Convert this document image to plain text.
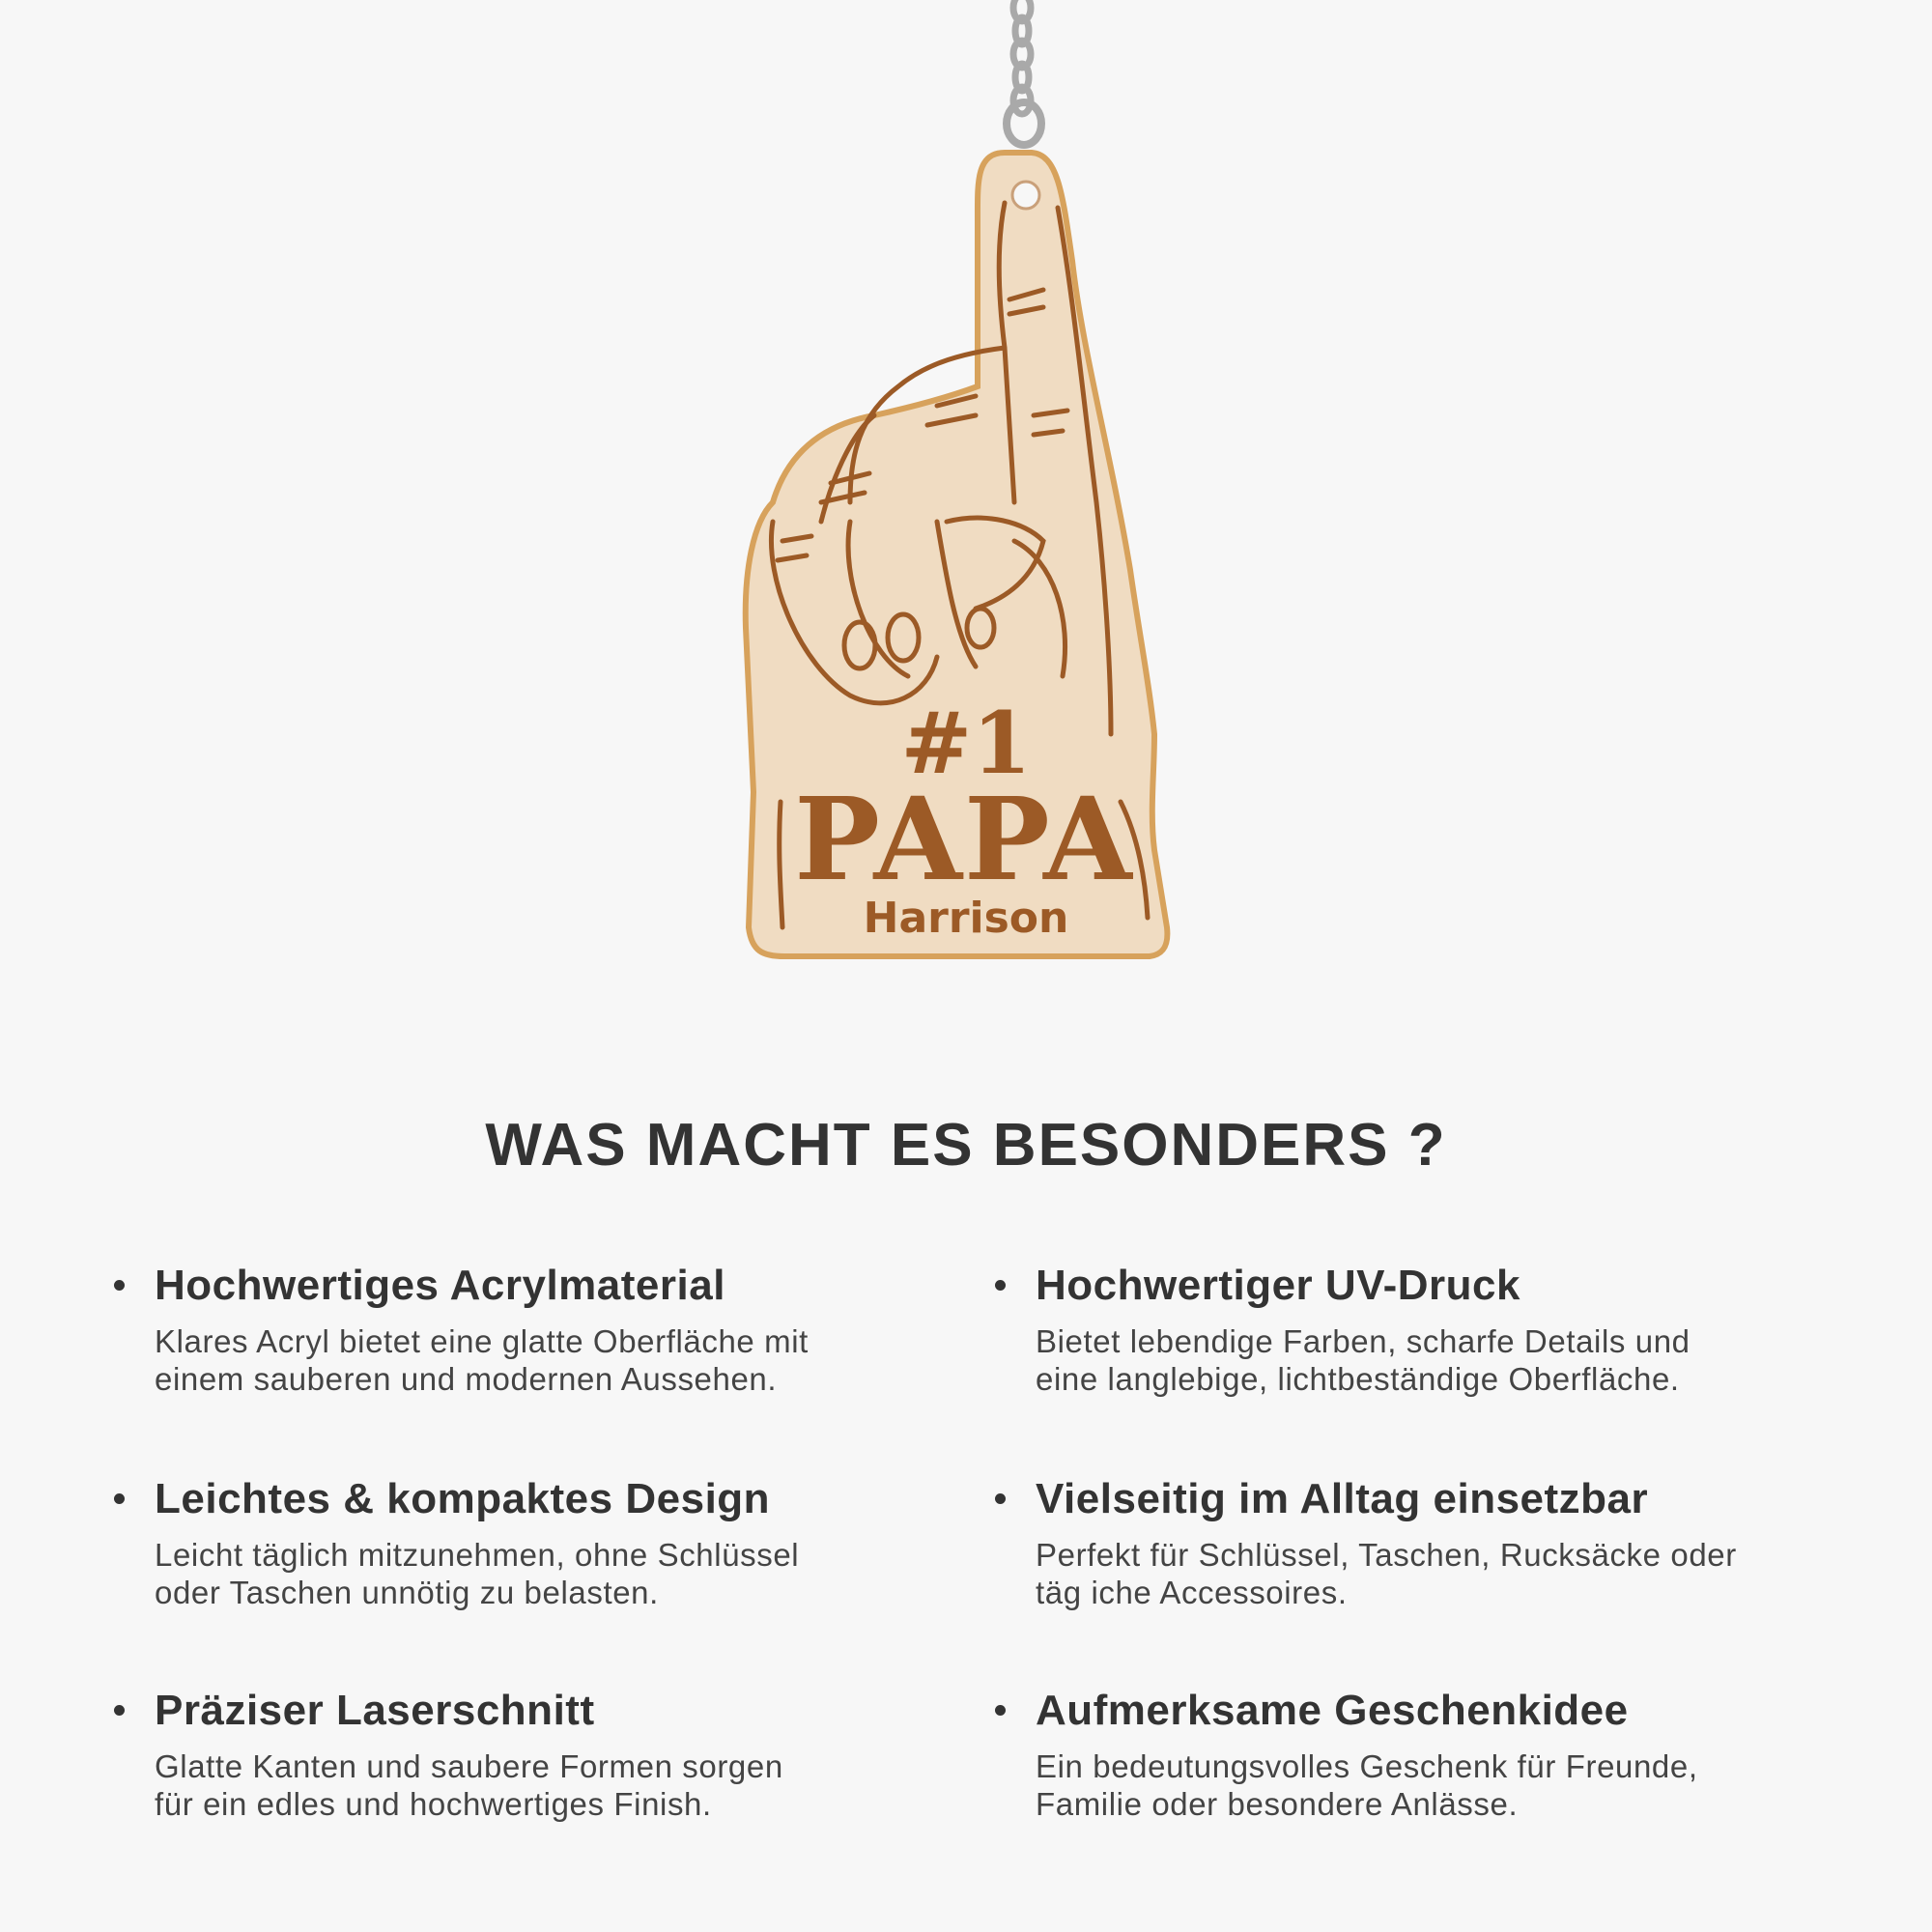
#1
PAPA
Harrison
WAS MACHT ES BESONDERS ?
Hochwertiges Acrylmaterial

Klares Acryl bietet eine glatte Oberfläche mit
einem sauberen und modernen Aussehen.

Hochwertiger UV-Druck

Bietet lebendige Farben, scharfe Details und
eine langlebige, lichtbeständige Oberfläche.

Leichtes & kompaktes Design

Leicht täglich mitzunehmen, ohne Schlüssel
oder Taschen unnötig zu belasten.

Vielseitig im Alltag einsetzbar

Perfekt für Schlüssel, Taschen, Rucksäcke oder
täg iche Accessoires.

Präziser Laserschnitt

Glatte Kanten und saubere Formen sorgen
für ein edles und hochwertiges Finish.

Aufmerksame Geschenkidee

Ein bedeutungsvolles Geschenk für Freunde,
Familie oder besondere Anlässe.
